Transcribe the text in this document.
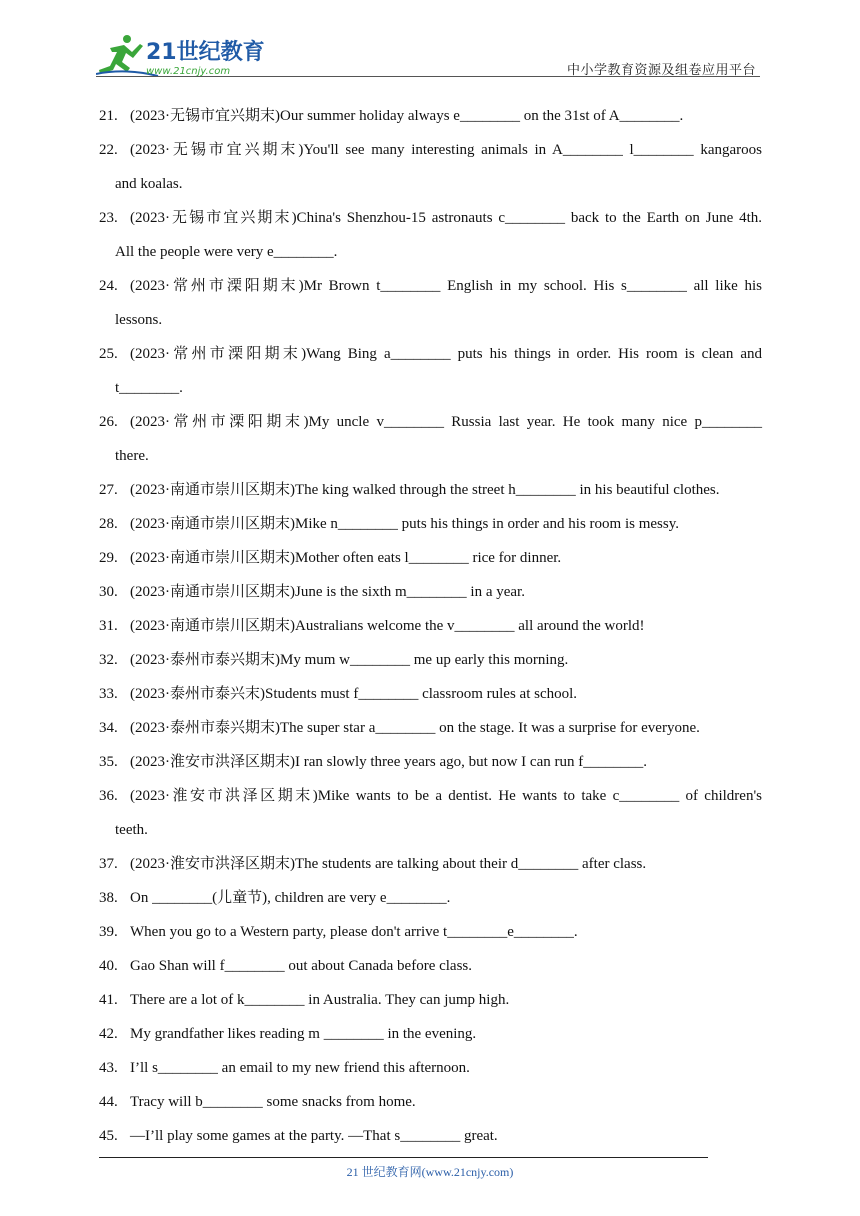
21世纪教育
www.21cnjy.com	中小学教育资源及组卷应用平台
21. (2023·无锡市宜兴期末)Our summer holiday always e________ on the 31st of A________.
22. (2023·无锡市宜兴期末)You'll see many interesting animals in A________ l________ kangaroos
and koalas.
23. (2023·无锡市宜兴期末)China's Shenzhou-15 astronauts c________ back to the Earth on June 4th.
All the people were very e________.
24. (2023·常州市溧阳期末)Mr Brown t________ English in my school. His s________ all like his
lessons.
25. (2023·常州市溧阳期末)Wang Bing a________ puts his things in order. His room is clean and
t________.
26. (2023·常州市溧阳期末)My uncle v________ Russia last year. He took many nice p________
there.
27. (2023·南通市崇川区期末)The king walked through the street h________ in his beautiful clothes.
28. (2023·南通市崇川区期末)Mike n________ puts his things in order and his room is messy.
29. (2023·南通市崇川区期末)Mother often eats l________ rice for dinner.
30. (2023·南通市崇川区期末)June is the sixth m________ in a year.
31. (2023·南通市崇川区期末)Australians welcome the v________ all around the world!
32. (2023·泰州市泰兴期末)My mum w________ me up early this morning.
33. (2023·泰州市泰兴末)Students must f________ classroom rules at school.
34. (2023·泰州市泰兴期末)The super star a________ on the stage. It was a surprise for everyone.
35. (2023·淮安市洪泽区期末)I ran slowly three years ago, but now I can run f________.
36. (2023·淮安市洪泽区期末)Mike wants to be a dentist. He wants to take c________ of children's
teeth.
37. (2023·淮安市洪泽区期末)The students are talking about their d________ after class.
38. On ________(儿童节), children are very e________.
39. When you go to a Western party, please don't arrive t________e________.
40. Gao Shan will f________ out about Canada before class.
41. There are a lot of k________ in Australia. They can jump high.
42. My grandfather likes reading m ________ in the evening.
43. I’ll s________ an email to my new friend this afternoon.
44. Tracy will b________ some snacks from home.
45. —I’ll play some games at the party. —That s________ great.
21 世纪教育网(www.21cnjy.com)
